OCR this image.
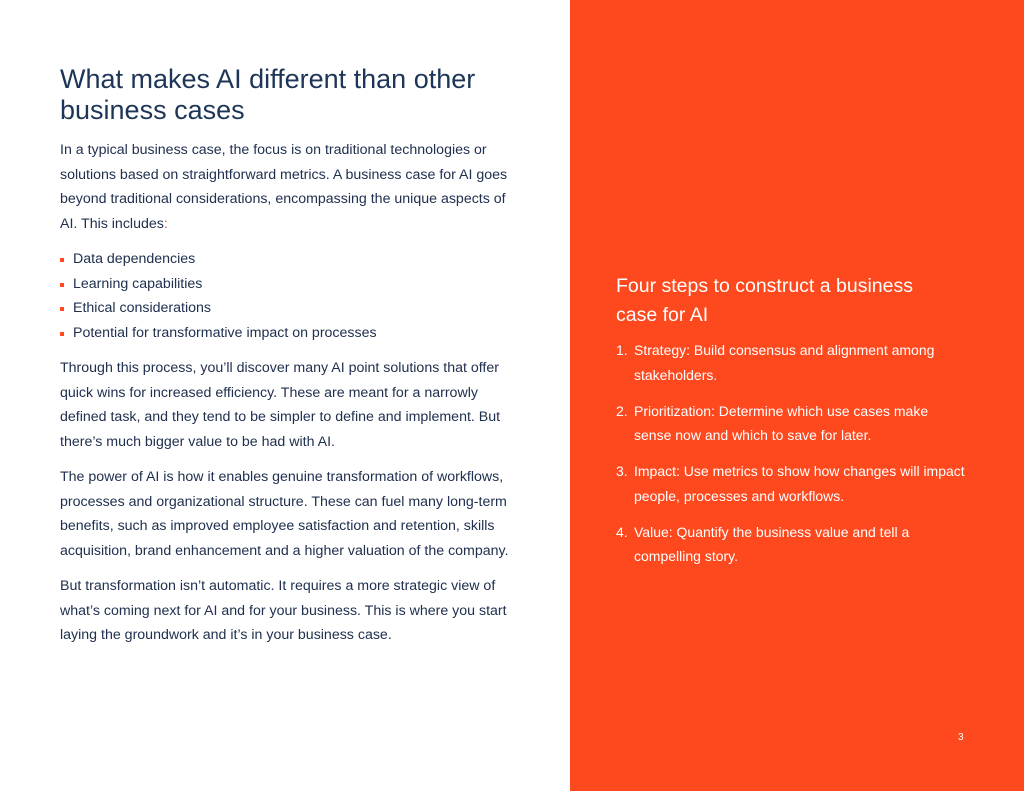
What makes AI different than other business cases

In a typical business case, the focus is on traditional technologies or solutions based on straightforward metrics. A business case for AI goes beyond traditional considerations, encompassing the unique aspects of AI. This includes:

Data dependencies
Learning capabilities
Ethical considerations
Potential for transformative impact on processes

Through this process, you’ll discover many AI point solutions that offer quick wins for increased efficiency. These are meant for a narrowly defined task, and they tend to be simpler to define and implement. But there’s much bigger value to be had with AI.

The power of AI is how it enables genuine transformation of workflows, processes and organizational structure. These can fuel many long-term benefits, such as improved employee satisfaction and retention, skills acquisition, brand enhancement and a higher valuation of the company.

But transformation isn’t automatic. It requires a more strategic view of what’s coming next for AI and for your business. This is where you start laying the groundwork and it’s in your business case.

Four steps to construct a business case for AI
1. Strategy: Build consensus and alignment among stakeholders.
2. Prioritization: Determine which use cases make sense now and which to save for later.
3. Impact: Use metrics to show how changes will impact people, processes and workflows.
4. Value: Quantify the business value and tell a compelling story.
3
